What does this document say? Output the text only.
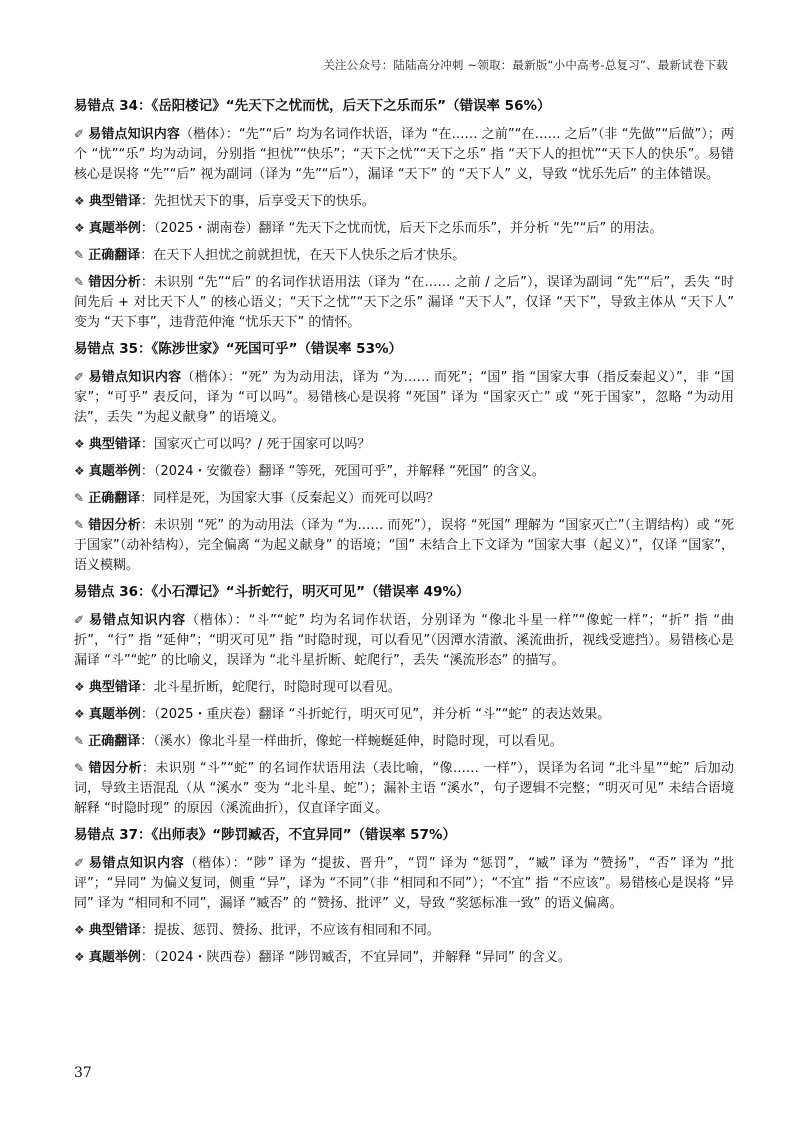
关注公众号：陆陆高分冲刺 ~领取：最新版“小中高考-总复习”、最新试卷下载
易错点 34：《岳阳楼记》“先天下之忧而忧，后天下之乐而乐”（错误率 56%）
✐ 易错点知识内容（楷体）：“先”“后” 均为名词作状语，译为 “在…… 之前”“在…… 之后”（非 “先做”“后做”）；两个 “忧”“乐” 均为动词，分别指 “担忧”“快乐”；“天下之忧”“天下之乐” 指 “天下人的担忧”“天下人的快乐”。易错核心是误将 “先”“后” 视为副词（译为 “先”“后”），漏译 “天下” 的 “天下人” 义，导致 “忧乐先后” 的主体错误。
❖ 典型错译：先担忧天下的事，后享受天下的快乐。
❖ 真题举例：（2025・湖南卷）翻译 “先天下之忧而忧，后天下之乐而乐”，并分析 “先”“后” 的用法。
✎ 正确翻译：在天下人担忧之前就担忧，在天下人快乐之后才快乐。
✎ 错因分析：未识别 “先”“后” 的名词作状语用法（译为 “在…… 之前 / 之后”），误译为副词 “先”“后”，丢失 “时间先后 + 对比天下人” 的核心语义；“天下之忧”“天下之乐” 漏译 “天下人”，仅译 “天下”，导致主体从 “天下人” 变为 “天下事”，违背范仲淹 “忧乐天下” 的情怀。
易错点 35：《陈涉世家》“死国可乎”（错误率 53%）
✐ 易错点知识内容（楷体）：“死” 为为动用法，译为 “为…… 而死”；“国” 指 “国家大事（指反秦起义）”，非 “国家”；“可乎” 表反问，译为 “可以吗”。易错核心是误将 “死国” 译为 “国家灭亡” 或 “死于国家”，忽略 “为动用法”，丢失 “为起义献身” 的语境义。
❖ 典型错译：国家灭亡可以吗？/ 死于国家可以吗？
❖ 真题举例：（2024・安徽卷）翻译 “等死，死国可乎”，并解释 “死国” 的含义。
✎ 正确翻译：同样是死，为国家大事（反秦起义）而死可以吗？
✎ 错因分析：未识别 “死” 的为动用法（译为 “为…… 而死”），误将 “死国” 理解为 “国家灭亡”（主谓结构）或 “死于国家”（动补结构），完全偏离 “为起义献身” 的语境；“国” 未结合上下文译为 “国家大事（起义）”，仅译 “国家”，语义模糊。
易错点 36：《小石潭记》“斗折蛇行，明灭可见”（错误率 49%）
✐ 易错点知识内容（楷体）：“斗”“蛇” 均为名词作状语，分别译为 “像北斗星一样”“像蛇一样”；“折” 指 “曲折”，“行” 指 “延伸”；“明灭可见” 指 “时隐时现，可以看见”（因潭水清澈、溪流曲折，视线受遮挡）。易错核心是漏译 “斗”“蛇” 的比喻义，误译为 “北斗星折断、蛇爬行”，丢失 “溪流形态” 的描写。
❖ 典型错译：北斗星折断，蛇爬行，时隐时现可以看见。
❖ 真题举例：（2025・重庆卷）翻译 “斗折蛇行，明灭可见”，并分析 “斗”“蛇” 的表达效果。
✎ 正确翻译：（溪水）像北斗星一样曲折，像蛇一样蜿蜒延伸，时隐时现，可以看见。
✎ 错因分析：未识别 “斗”“蛇” 的名词作状语用法（表比喻，“像…… 一样”），误译为名词 “北斗星”“蛇” 后加动词，导致主语混乱（从 “溪水” 变为 “北斗星、蛇”）；漏补主语 “溪水”，句子逻辑不完整；“明灭可见” 未结合语境解释 “时隐时现” 的原因（溪流曲折），仅直译字面义。
易错点 37：《出师表》“陟罚臧否，不宜异同”（错误率 57%）
✐ 易错点知识内容（楷体）：“陟” 译为 “提拔、晋升”，“罚” 译为 “惩罚”，“臧” 译为 “赞扬”，“否” 译为 “批评”；“异同” 为偏义复词，侧重 “异”，译为 “不同”（非 “相同和不同”）；“不宜” 指 “不应该”。易错核心是误将 “异同” 译为 “相同和不同”，漏译 “臧否” 的 “赞扬、批评” 义，导致 “奖惩标准一致” 的语义偏离。
❖ 典型错译：提拔、惩罚、赞扬、批评，不应该有相同和不同。
❖ 真题举例：（2024・陕西卷）翻译 “陟罚臧否，不宜异同”，并解释 “异同” 的含义。
37
